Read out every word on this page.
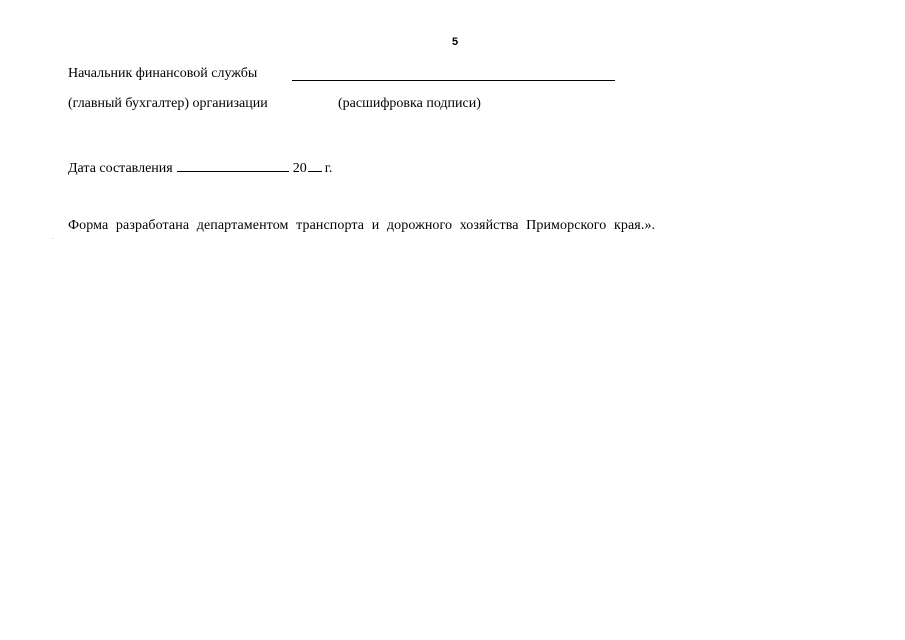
5
Начальник финансовой службы
(главный бухгалтер) организации	(расшифровка подписи)
Дата составления	20 г.
Форма разработана департаментом транспорта и дорожного хозяйства Приморского края.».
